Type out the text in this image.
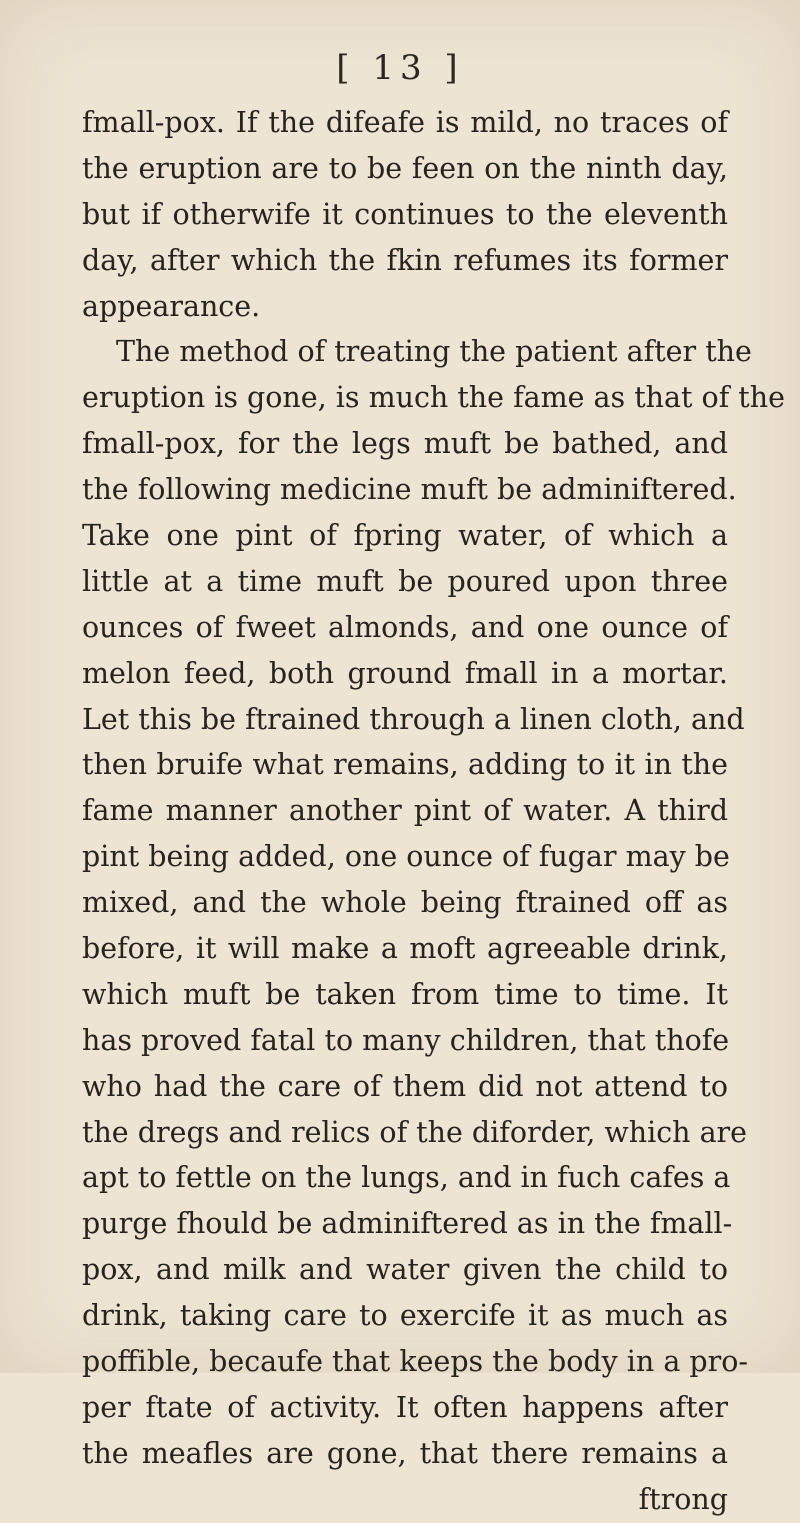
[ 13 ]
fmall-pox. If the difeafe is mild, no traces of
the eruption are to be feen on the ninth day,
but if otherwife it continues to the eleventh
day, after which the fkin refumes its former
appearance.
The method of treating the patient after the
eruption is gone, is much the fame as that of the
fmall-pox, for the legs muft be bathed, and
the following medicine muft be adminiftered.
Take one pint of fpring water, of which a
little at a time muft be poured upon three
ounces of fweet almonds, and one ounce of
melon feed, both ground fmall in a mortar.
Let this be ftrained through a linen cloth, and
then bruife what remains, adding to it in the
fame manner another pint of water. A third
pint being added, one ounce of fugar may be
mixed, and the whole being ftrained off as
before, it will make a moft agreeable drink,
which muft be taken from time to time. It
has proved fatal to many children, that thofe
who had the care of them did not attend to
the dregs and relics of the diforder, which are
apt to fettle on the lungs, and in fuch cafes a
purge fhould be adminiftered as in the fmall-
pox, and milk and water given the child to
drink, taking care to exercife it as much as
poffible, becaufe that keeps the body in a pro-
per ftate of activity. It often happens after
the meafles are gone, that there remains a
ftrong
